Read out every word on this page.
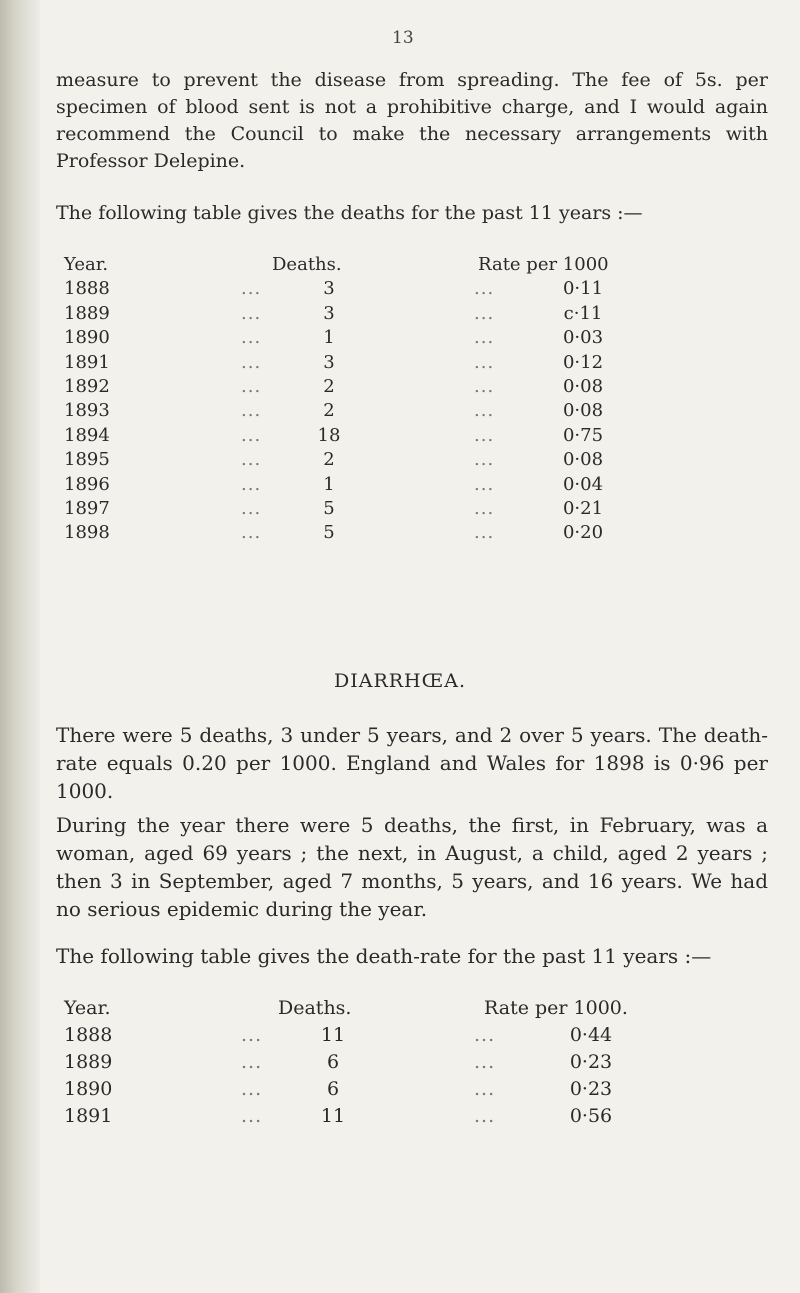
13

measure to prevent the disease from spreading. The fee of 5s. per specimen of blood sent is not a prohibitive charge, and I would again recommend the Council to make the necessary arrangements with Professor Delepine.

The following table gives the deaths for the past 11 years :—

Year.	Deaths.	Rate per 1000
1888	...	3	...	0·11
1889	...	3	...	c·11
1890	...	1	...	0·03
1891	...	3	...	0·12
1892	...	2	...	0·08
1893	...	2	...	0·08
1894	...	18	...	0·75
1895	...	2	...	0·08
1896	...	1	...	0·04
1897	...	5	...	0·21
1898	...	5	...	0·20
DIARRHŒA.

There were 5 deaths, 3 under 5 years, and 2 over 5 years. The death-rate equals 0.20 per 1000. England and Wales for 1898 is 0·96 per 1000.

During the year there were 5 deaths, the first, in February, was a woman, aged 69 years ; the next, in August, a child, aged 2 years ; then 3 in September, aged 7 months, 5 years, and 16 years. We had no serious epidemic during the year.

The following table gives the death-rate for the past 11 years :—

Year.	Deaths.	Rate per 1000.
1888	...	11	...	0·44
1889	...	6	...	0·23
1890	...	6	...	0·23
1891	...	11	...	0·56
